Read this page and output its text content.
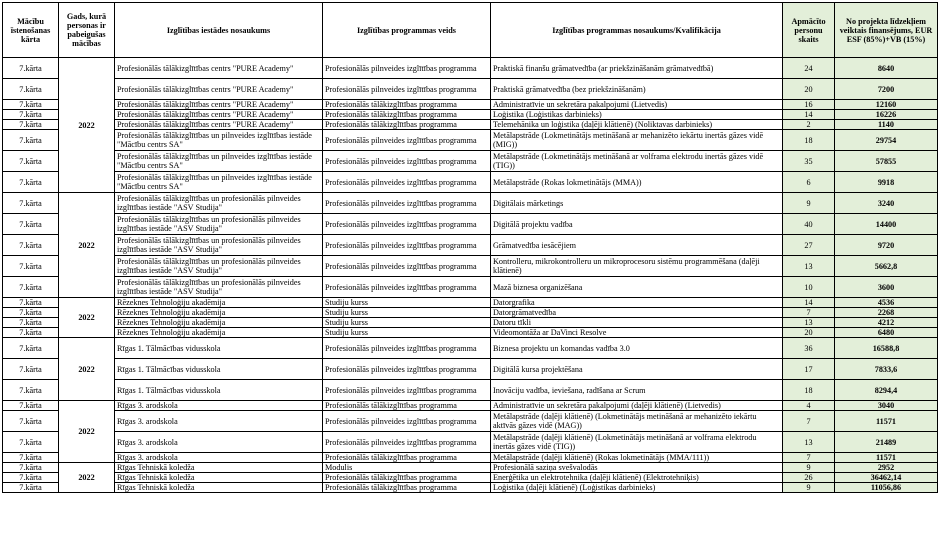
Mācību īstenošanas kārta	Gads, kurā personas ir pabeigušas mācības	Izglītības iestādes nosaukums	Izglītības programmas veids	Izglītības programmas nosaukums/Kvalifikācija	Apmācīto personu skaits	No projekta līdzekļiem veiktais finansējums, EUR ESF (85%)+VB (15%)
7.kārta	2022	Profesionālās tālākizglītības centrs "PURE Academy"	Profesionālās pilnveides izglītības programma	Praktiskā finanšu grāmatvedība (ar priekšzināšanām grāmatvedībā)	24	8640
7.kārta		Profesionālās tālākizglītības centrs "PURE Academy"	Profesionālās pilnveides izglītības programma	Praktiskā grāmatvedība (bez priekšzināšanām)	20	7200
7.kārta		Profesionālās tālākizglītības centrs "PURE Academy"	Profesionālās tālākizglītības programma	Administratīvie un sekretāra pakalpojumi (Lietvedis)	16	12160
7.kārta		Profesionālās tālākizglītības centrs "PURE Academy"	Profesionālās tālākizglītības programma	Loģistika (Loģistikas darbinieks)	14	16226
7.kārta		Profesionālās tālākizglītības centrs "PURE Academy"	Profesionālās tālākizglītības programma	Telemehānika un loģistika (daļēji klātienē) (Noliktavas darbinieks)	2	1140
7.kārta		Profesionālās tālākizglītības un pilnveides izglītības iestāde "Mācību centrs SA"	Profesionālās pilnveides izglītības programma	Metālapstrāde (Lokmetinātājs metināšanā ar mehanizēto iekārtu inertās gāzes vidē (MIG))	18	29754
7.kārta		Profesionālās tālākizglītības un pilnveides izglītības iestāde "Mācību centrs SA"	Profesionālās pilnveides izglītības programma	Metālapstrāde (Lokmetinātājs metināšanā ar volframa elektrodu inertās gāzes vidē (TIG))	35	57855
7.kārta		Profesionālās tālākizglītības un pilnveides izglītības iestāde "Mācību centrs SA"	Profesionālās pilnveides izglītības programma	Metālapstrāde (Rokas lokmetinātājs (MMA))	6	9918
7.kārta	2022	Profesionālās tālākizglītības un profesionālās pilnveides izglītības iestāde "ASV Studija"	Profesionālās pilnveides izglītības programma	Digitālais mārketings	9	3240
7.kārta		Profesionālās tālākizglītības un profesionālās pilnveides izglītības iestāde "ASV Studija"	Profesionālās pilnveides izglītības programma	Digitālā projektu vadība	40	14400
7.kārta		Profesionālās tālākizglītības un profesionālās pilnveides izglītības iestāde "ASV Studija"	Profesionālās pilnveides izglītības programma	Grāmatvedība iesācējiem	27	9720
7.kārta		Profesionālās tālākizglītības un profesionālās pilnveides izglītības iestāde "ASV Studija"	Profesionālās pilnveides izglītības programma	Kontrolleru, mikrokontrolleru un mikroprocesoru sistēmu programmēšana (daļēji klātienē)	13	5662,8
7.kārta		Profesionālās tālākizglītības un profesionālās pilnveides izglītības iestāde "ASV Studija"	Profesionālās pilnveides izglītības programma	Mazā biznesa organizēšana	10	3600
7.kārta	2022	Rēzeknes Tehnoloģiju akadēmija	Studiju kurss	Datorgrafika	14	4536
7.kārta		Rēzeknes Tehnoloģiju akadēmija	Studiju kurss	Datorgrāmatvedība	7	2268
7.kārta		Rēzeknes Tehnoloģiju akadēmija	Studiju kurss	Datoru tīkli	13	4212
7.kārta		Rēzeknes Tehnoloģiju akadēmija	Studiju kurss	Videomontāža ar DaVinci Resolve	20	6480
7.kārta	2022	Rīgas 1. Tālmācības vidusskola	Profesionālās pilnveides izglītības programma	Biznesa projektu un komandas vadība 3.0	36	16588,8
7.kārta		Rīgas 1. Tālmācības vidusskola	Profesionālās pilnveides izglītības programma	Digitālā kursa projektēšana	17	7833,6
7.kārta		Rīgas 1. Tālmācības vidusskola	Profesionālās pilnveides izglītības programma	Inovāciju vadība, ieviešana, radīšana ar Scrum	18	8294,4
7.kārta	2022	Rīgas 3. arodskola	Profesionālās tālākizglītības programma	Administratīvie un sekretāra pakalpojumi (daļēji klātienē) (Lietvedis)	4	3040
7.kārta		Rīgas 3. arodskola	Profesionālās pilnveides izglītības programma	Metālapstrāde (daļēji klātienē) (Lokmetinātājs metināšanā ar mehanizēto iekārtu aktīvās gāzes vidē (MAG))	7	11571
7.kārta		Rīgas 3. arodskola	Profesionālās pilnveides izglītības programma	Metālapstrāde (daļēji klātienē) (Lokmetinātājs metināšanā ar volframa elektrodu inertās gāzes vidē (TIG))	13	21489
7.kārta		Rīgas 3. arodskola	Profesionālās tālākizglītības programma	Metālapstrāde (daļēji klātienē) (Rokas lokmetinātājs (MMA/111))	7	11571
7.kārta	2022	Rīgas Tehniskā koledža	Modulis	Profesionālā saziņa svešvalodās	9	2952
7.kārta		Rīgas Tehniskā koledža	Profesionālās tālākizglītības programma	Enerģētika un elektrotehnika (daļēji klātienē) (Elektrotehniķis)	26	36462,14
7.kārta		Rīgas Tehniskā koledža	Profesionālās tālākizglītības programma	Loģistika (daļēji klātienē) (Loģistikas darbinieks)	9	11056,86
